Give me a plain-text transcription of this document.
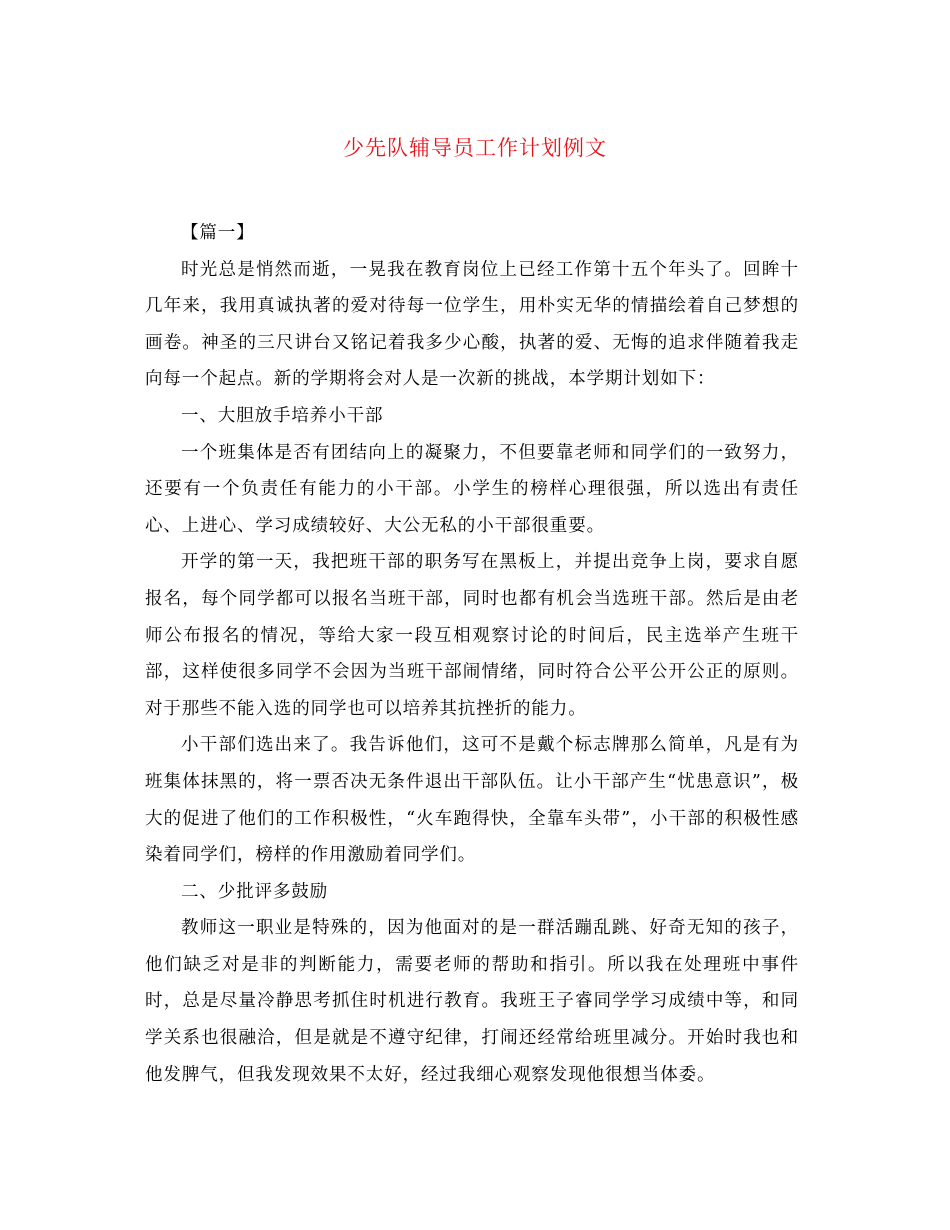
少先队辅导员工作计划例文

【篇一】

时光总是悄然而逝，一晃我在教育岗位上已经工作第十五个年头了。回眸十几年来，我用真诚执著的爱对待每一位学生，用朴实无华的情描绘着自己梦想的画卷。神圣的三尺讲台又铭记着我多少心酸，执著的爱、无悔的追求伴随着我走向每一个起点。新的学期将会对人是一次新的挑战，本学期计划如下：

一、大胆放手培养小干部

一个班集体是否有团结向上的凝聚力，不但要靠老师和同学们的一致努力，还要有一个负责任有能力的小干部。小学生的榜样心理很强，所以选出有责任心、上进心、学习成绩较好、大公无私的小干部很重要。

开学的第一天，我把班干部的职务写在黑板上，并提出竞争上岗，要求自愿报名，每个同学都可以报名当班干部，同时也都有机会当选班干部。然后是由老师公布报名的情况，等给大家一段互相观察讨论的时间后，民主选举产生班干部，这样使很多同学不会因为当班干部闹情绪，同时符合公平公开公正的原则。对于那些不能入选的同学也可以培养其抗挫折的能力。

小干部们选出来了。我告诉他们，这可不是戴个标志牌那么简单，凡是有为班集体抹黑的，将一票否决无条件退出干部队伍。让小干部产生“忧患意识”，极大的促进了他们的工作积极性，“火车跑得快，全靠车头带”，小干部的积极性感染着同学们，榜样的作用激励着同学们。

二、少批评多鼓励

教师这一职业是特殊的，因为他面对的是一群活蹦乱跳、好奇无知的孩子，他们缺乏对是非的判断能力，需要老师的帮助和指引。所以我在处理班中事件时，总是尽量冷静思考抓住时机进行教育。我班王子睿同学学习成绩中等，和同学关系也很融洽，但是就是不遵守纪律，打闹还经常给班里减分。开始时我也和他发脾气，但我发现效果不太好，经过我细心观察发现他很想当体委。
